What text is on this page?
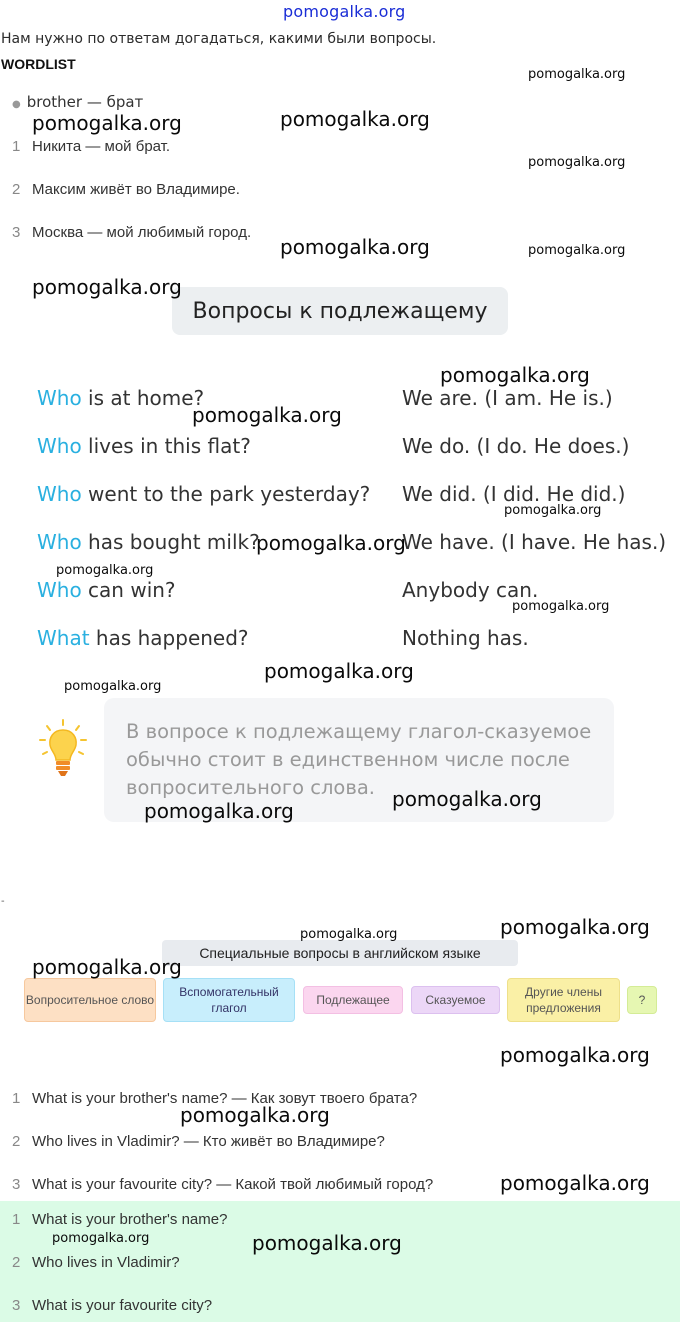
pomogalka.org
Нам нужно по ответам догадаться, какими были вопросы.
WORDLIST
● brother — брат
1 Никита — мой брат.
2 Максим живёт во Владимире.
3 Москва — мой любимый город.
Вопросы к подлежащему
Who is at home?	We are. (I am. He is.)
Who lives in this flat?	We do. (I do. He does.)
Who went to the park yesterday? We did. (I did. He did.)
Who has bought milk?	We have. (I have. He has.)
Who can win?	Anybody can.
What has happened?	Nothing has.
В вопросе к подлежащему глагол-сказуемое обычно стоит в единственном числе после вопросительного слова.
-
Специальные вопросы в английском языке
Вопросительное слово
Вспомогательный глагол
Подлежащее	Сказуемое
Другие члены предложения
?
1 What is your brother's name? — Как зовут твоего брата?
2 Who lives in Vladimir? — Кто живёт во Владимире?
3 What is your favourite city? — Какой твой любимый город?
1 What is your brother's name?
2 Who lives in Vladimir?
3 What is your favourite city?
pomogalka.org
pomogalka.org	pomogalka.org
pomogalka.org
pomogalka.org	pomogalka.org
pomogalka.org
pomogalka.org
pomogalka.org
pomogalka.org
pomogalka.org
pomogalka.org
pomogalka.org
pomogalka.org
pomogalka.org
pomogalka.org
pomogalka.org
pomogalka.org
pomogalka.org
pomogalka.org
pomogalka.org
pomogalka.org
pomogalka.org
pomogalka.org	pomogalka.org
